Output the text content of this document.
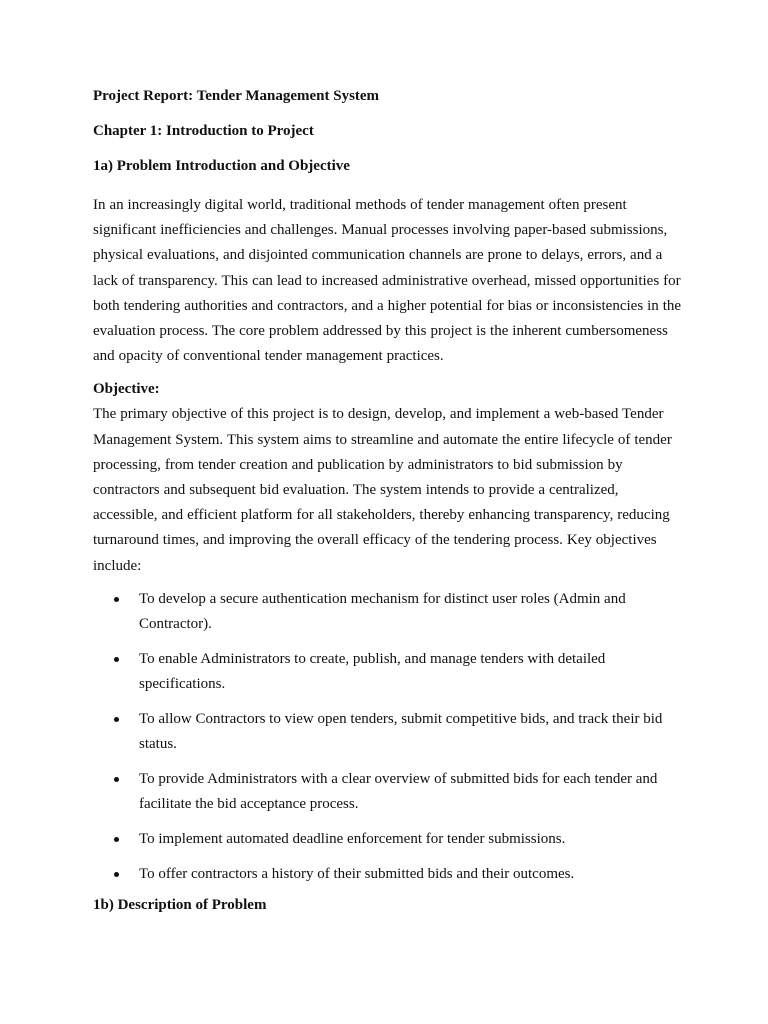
Project Report: Tender Management System

Chapter 1: Introduction to Project

1a) Problem Introduction and Objective

In an increasingly digital world, traditional methods of tender management often present significant inefficiencies and challenges. Manual processes involving paper-based submissions, physical evaluations, and disjointed communication channels are prone to delays, errors, and a lack of transparency. This can lead to increased administrative overhead, missed opportunities for both tendering authorities and contractors, and a higher potential for bias or inconsistencies in the evaluation process. The core problem addressed by this project is the inherent cumbersomeness and opacity of conventional tender management practices.

Objective:

The primary objective of this project is to design, develop, and implement a web-based Tender Management System. This system aims to streamline and automate the entire lifecycle of tender processing, from tender creation and publication by administrators to bid submission by contractors and subsequent bid evaluation. The system intends to provide a centralized, accessible, and efficient platform for all stakeholders, thereby enhancing transparency, reducing turnaround times, and improving the overall efficacy of the tendering process. Key objectives include:

To develop a secure authentication mechanism for distinct user roles (Admin and Contractor).
To enable Administrators to create, publish, and manage tenders with detailed specifications.
To allow Contractors to view open tenders, submit competitive bids, and track their bid status.
To provide Administrators with a clear overview of submitted bids for each tender and facilitate the bid acceptance process.
To implement automated deadline enforcement for tender submissions.
To offer contractors a history of their submitted bids and their outcomes.

1b) Description of Problem
